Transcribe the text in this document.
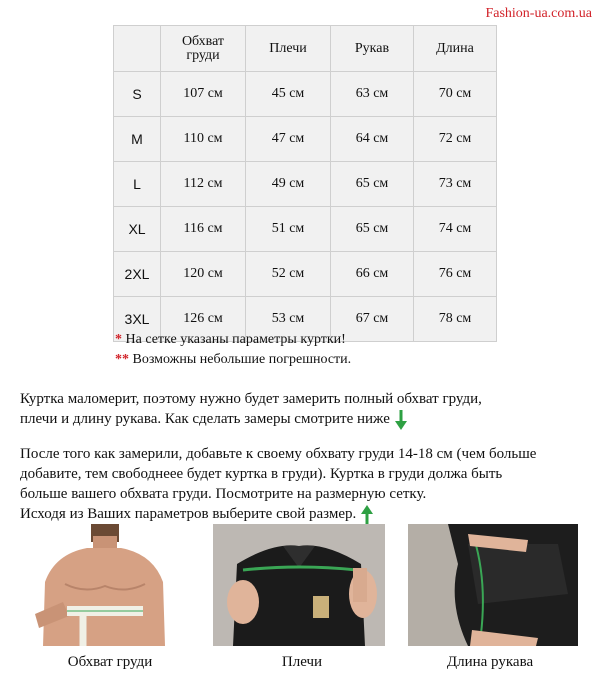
Fashion-ua.com.ua

	Обхват груди	Плечи	Рукав	Длина
S	107 см	45 см	63 см	70 см
M	110 см	47 см	64 см	72 см
L	112 см	49 см	65 см	73 см
XL	116 см	51 см	65 см	74 см
2XL	120 см	52 см	66 см	76 см
3XL	126 см	53 см	67 см	78 см
* На сетке указаны параметры куртки!
** Возможны небольшие погрешности.
Куртка маломерит, поэтому нужно будет замерить полный обхват груди,
плечи и длину рукава. Как сделать замеры смотрите ниже
После того как замерили, добавьте к своему обхвату груди 14-18 см (чем больше
добавите, тем свободнеее будет куртка в груди). Куртка в груди должа быть
больше вашего обхвата груди. Посмотрите на размерную сетку.
Исходя из Ваших параметров выберите свой размер.
Обхват груди	Плечи	Длина рукава
